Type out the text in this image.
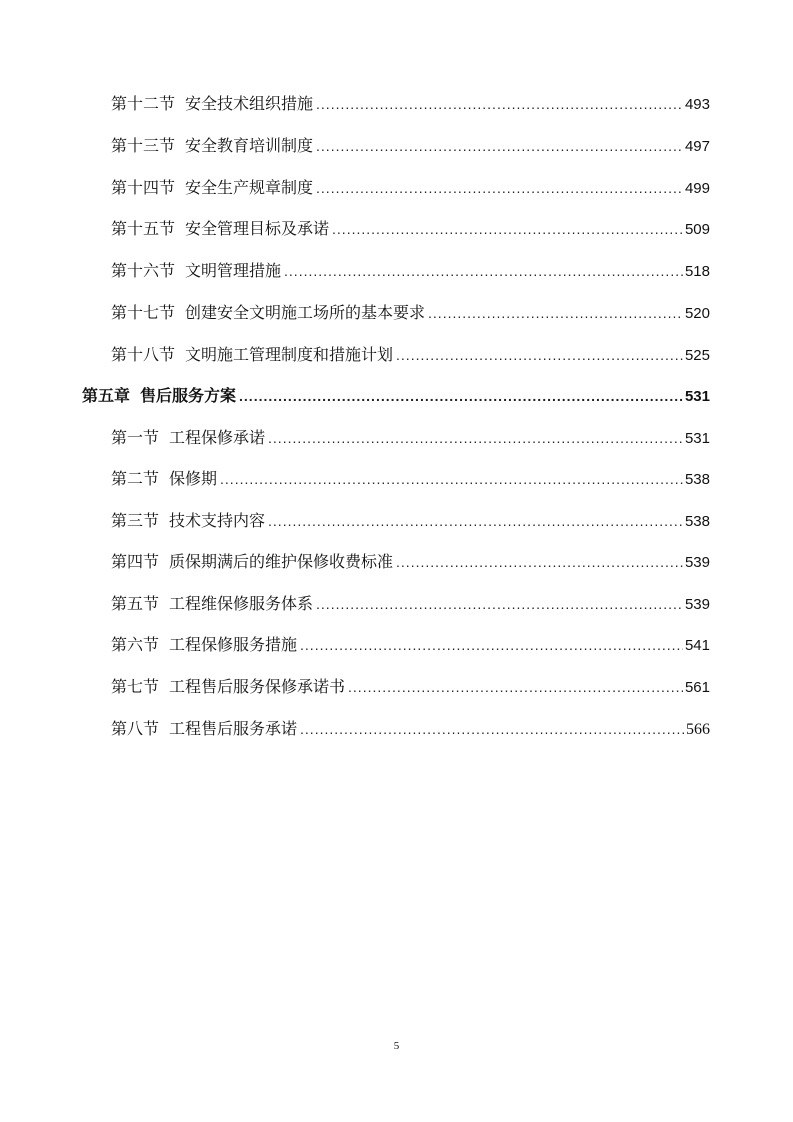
第十二节 安全技术组织措施 .....	493
第十三节 安全教育培训制度 .....	497
第十四节 安全生产规章制度 .....	499
第十五节 安全管理目标及承诺 .....	509
第十六节 文明管理措施 .....	518
第十七节 创建安全文明施工场所的基本要求 .....	520
第十八节 文明施工管理制度和措施计划 .....	525
第五章 售后服务方案 .....	531
第一节 工程保修承诺 .....	531
第二节 保修期 .....	538
第三节 技术支持内容 .....	538
第四节 质保期满后的维护保修收费标准 .....	539
第五节 工程维保修服务体系 .....	539
第六节 工程保修服务措施 .....	541
第七节 工程售后服务保修承诺书 .....	561
第八节 工程售后服务承诺 .....	566
5
